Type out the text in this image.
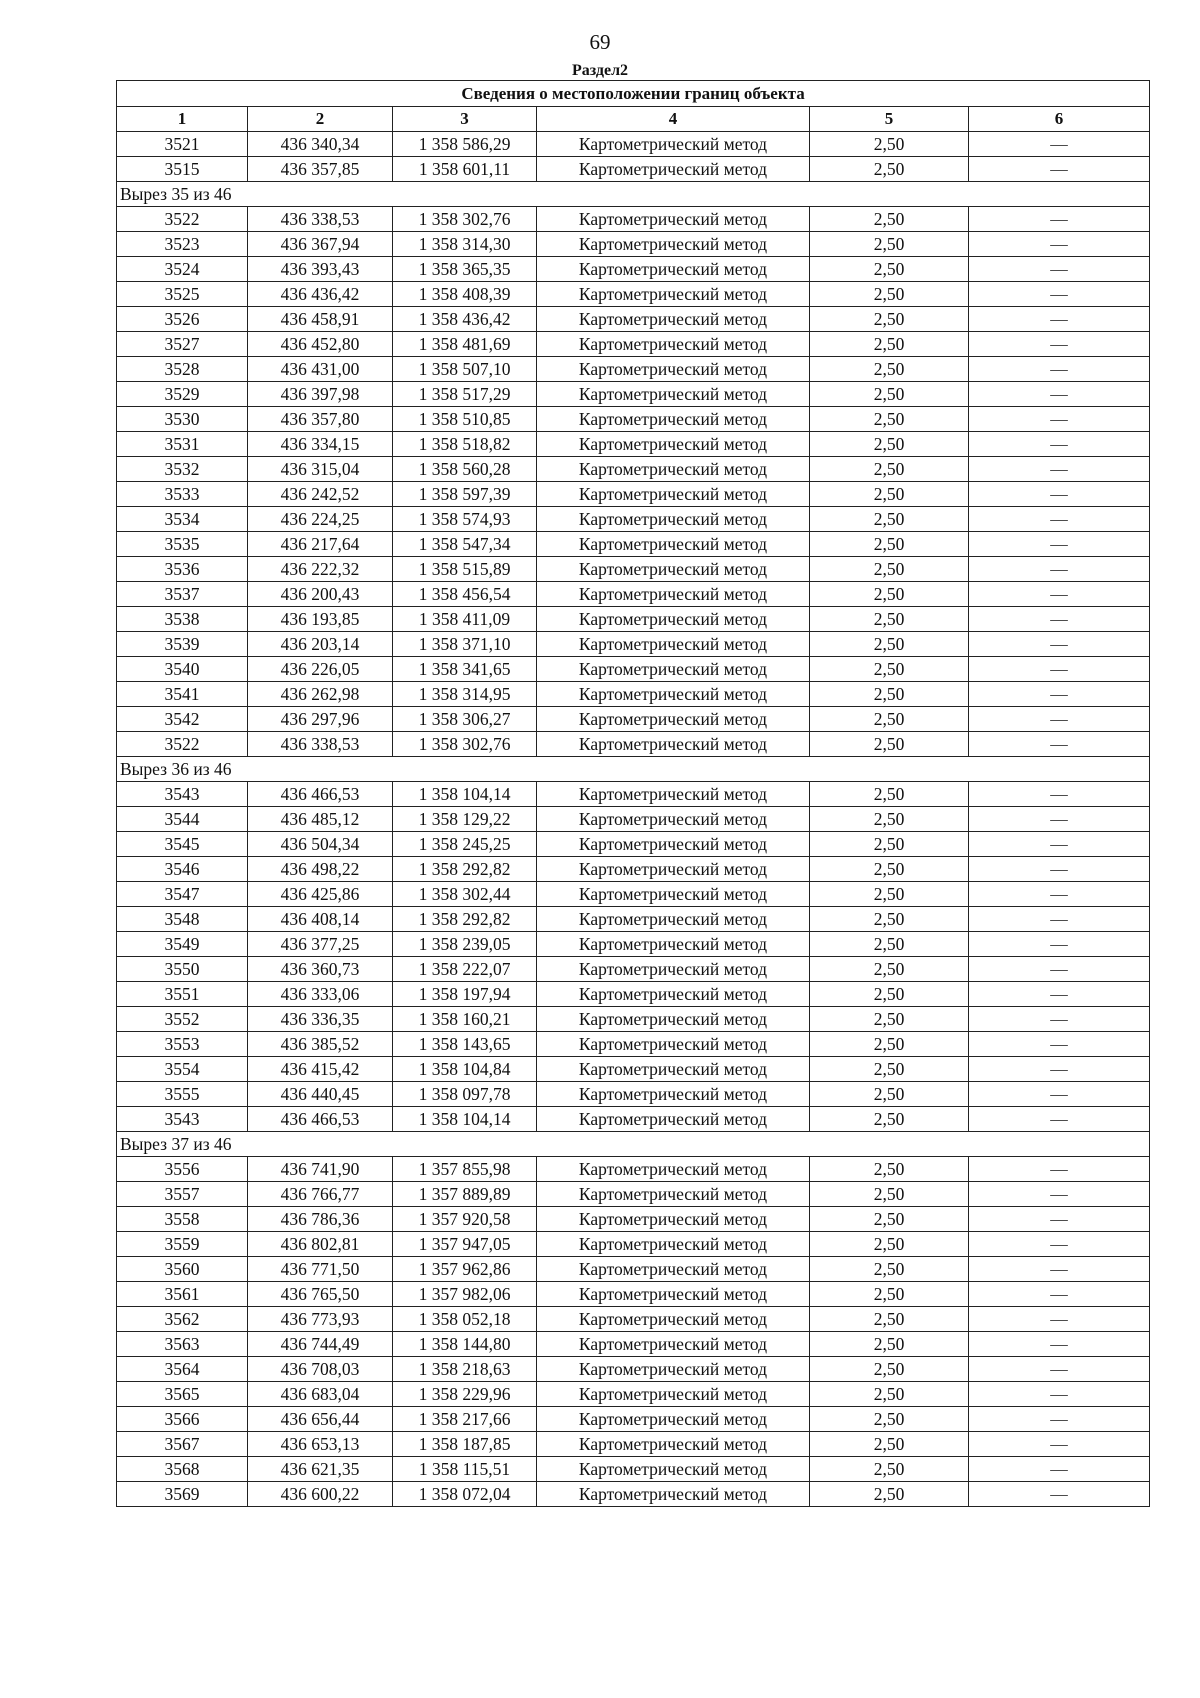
69
Раздел2
Сведения о местоположении границ объекта					
1	2	3	4	5	6
3521	436 340,34	1 358 586,29	Картометрический метод	2,50	—
3515	436 357,85	1 358 601,11	Картометрический метод	2,50	—
Вырез 35 из 46					
3522	436 338,53	1 358 302,76	Картометрический метод	2,50	—
3523	436 367,94	1 358 314,30	Картометрический метод	2,50	—
3524	436 393,43	1 358 365,35	Картометрический метод	2,50	—
3525	436 436,42	1 358 408,39	Картометрический метод	2,50	—
3526	436 458,91	1 358 436,42	Картометрический метод	2,50	—
3527	436 452,80	1 358 481,69	Картометрический метод	2,50	—
3528	436 431,00	1 358 507,10	Картометрический метод	2,50	—
3529	436 397,98	1 358 517,29	Картометрический метод	2,50	—
3530	436 357,80	1 358 510,85	Картометрический метод	2,50	—
3531	436 334,15	1 358 518,82	Картометрический метод	2,50	—
3532	436 315,04	1 358 560,28	Картометрический метод	2,50	—
3533	436 242,52	1 358 597,39	Картометрический метод	2,50	—
3534	436 224,25	1 358 574,93	Картометрический метод	2,50	—
3535	436 217,64	1 358 547,34	Картометрический метод	2,50	—
3536	436 222,32	1 358 515,89	Картометрический метод	2,50	—
3537	436 200,43	1 358 456,54	Картометрический метод	2,50	—
3538	436 193,85	1 358 411,09	Картометрический метод	2,50	—
3539	436 203,14	1 358 371,10	Картометрический метод	2,50	—
3540	436 226,05	1 358 341,65	Картометрический метод	2,50	—
3541	436 262,98	1 358 314,95	Картометрический метод	2,50	—
3542	436 297,96	1 358 306,27	Картометрический метод	2,50	—
3522	436 338,53	1 358 302,76	Картометрический метод	2,50	—
Вырез 36 из 46					
3543	436 466,53	1 358 104,14	Картометрический метод	2,50	—
3544	436 485,12	1 358 129,22	Картометрический метод	2,50	—
3545	436 504,34	1 358 245,25	Картометрический метод	2,50	—
3546	436 498,22	1 358 292,82	Картометрический метод	2,50	—
3547	436 425,86	1 358 302,44	Картометрический метод	2,50	—
3548	436 408,14	1 358 292,82	Картометрический метод	2,50	—
3549	436 377,25	1 358 239,05	Картометрический метод	2,50	—
3550	436 360,73	1 358 222,07	Картометрический метод	2,50	—
3551	436 333,06	1 358 197,94	Картометрический метод	2,50	—
3552	436 336,35	1 358 160,21	Картометрический метод	2,50	—
3553	436 385,52	1 358 143,65	Картометрический метод	2,50	—
3554	436 415,42	1 358 104,84	Картометрический метод	2,50	—
3555	436 440,45	1 358 097,78	Картометрический метод	2,50	—
3543	436 466,53	1 358 104,14	Картометрический метод	2,50	—
Вырез 37 из 46					
3556	436 741,90	1 357 855,98	Картометрический метод	2,50	—
3557	436 766,77	1 357 889,89	Картометрический метод	2,50	—
3558	436 786,36	1 357 920,58	Картометрический метод	2,50	—
3559	436 802,81	1 357 947,05	Картометрический метод	2,50	—
3560	436 771,50	1 357 962,86	Картометрический метод	2,50	—
3561	436 765,50	1 357 982,06	Картометрический метод	2,50	—
3562	436 773,93	1 358 052,18	Картометрический метод	2,50	—
3563	436 744,49	1 358 144,80	Картометрический метод	2,50	—
3564	436 708,03	1 358 218,63	Картометрический метод	2,50	—
3565	436 683,04	1 358 229,96	Картометрический метод	2,50	—
3566	436 656,44	1 358 217,66	Картометрический метод	2,50	—
3567	436 653,13	1 358 187,85	Картометрический метод	2,50	—
3568	436 621,35	1 358 115,51	Картометрический метод	2,50	—
3569	436 600,22	1 358 072,04	Картометрический метод	2,50	—
